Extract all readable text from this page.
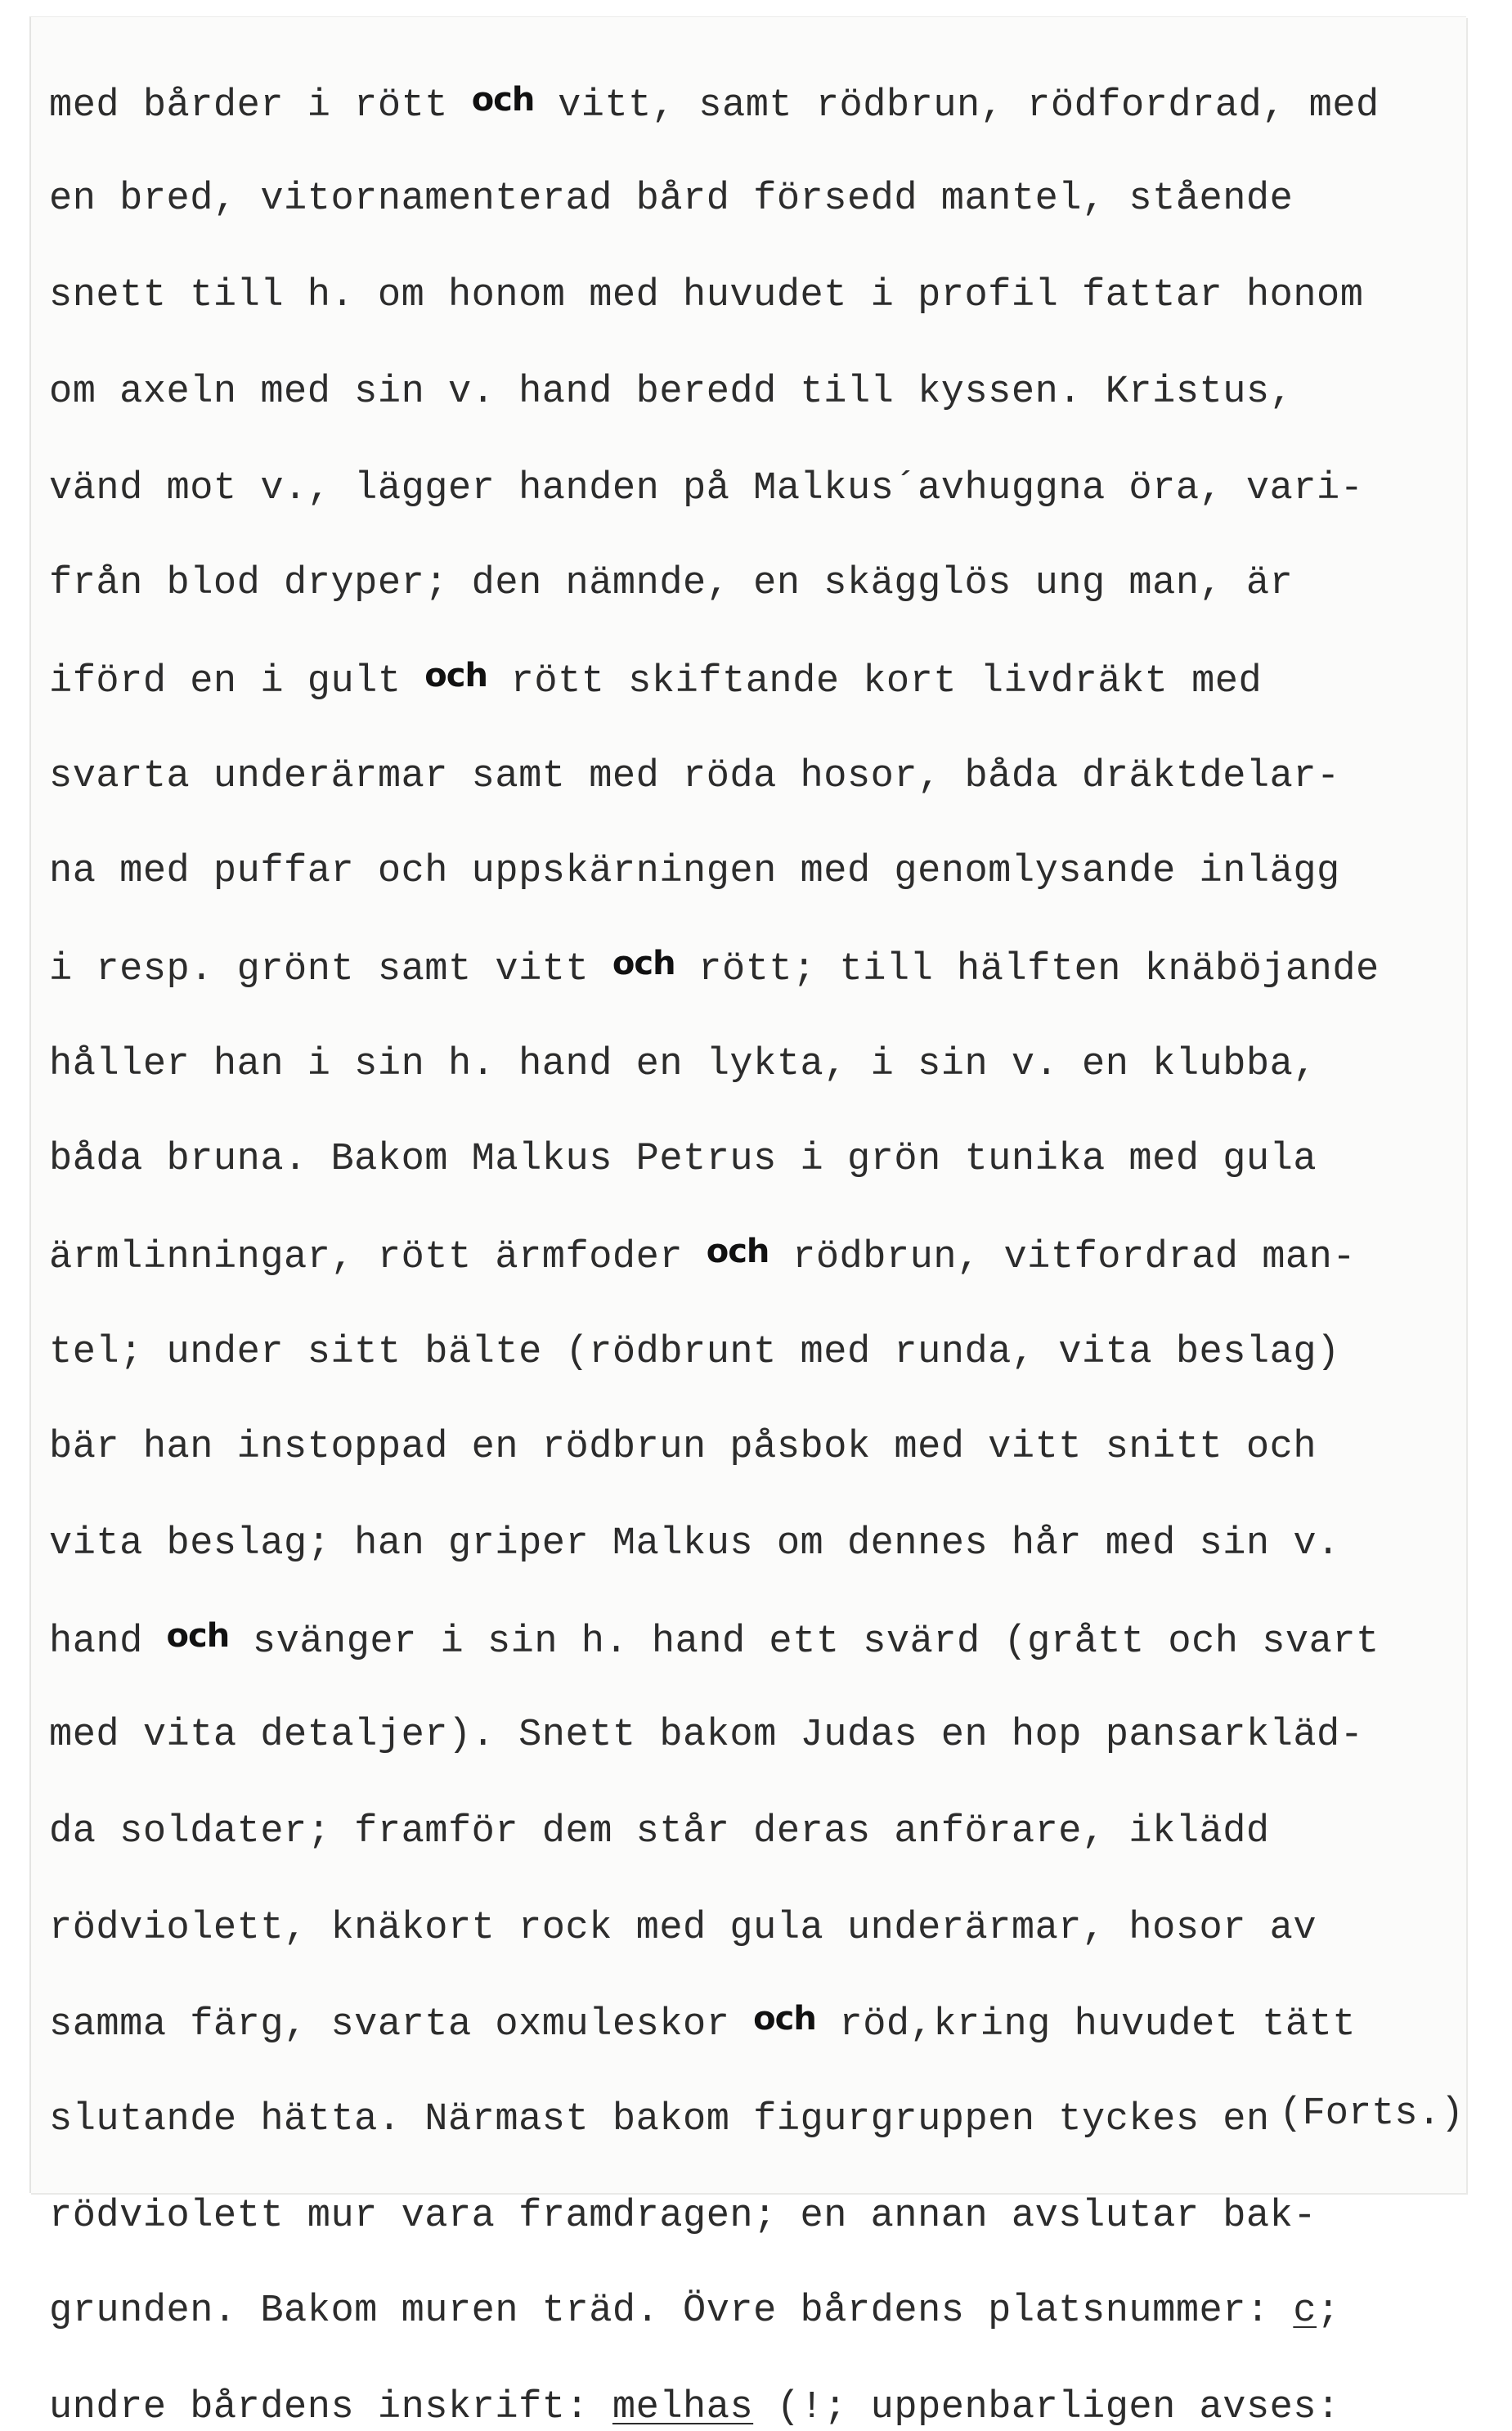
med bårder i rött och vitt, samt rödbrun, rödfordrad, med
en bred, vitornamenterad bård försedd mantel, stående
snett till h. om honom med huvudet i profil fattar honom
om axeln med sin v. hand beredd till kyssen. Kristus,
vänd mot v., lägger handen på Malkus´avhuggna öra, vari-
från blod dryper; den nämnde, en skägglös ung man, är
iförd en i gult och rött skiftande kort livdräkt med
svarta underärmar samt med röda hosor, båda dräktdelar-
na med puffar och uppskärningen med genomlysande inlägg
i resp. grönt samt vitt och rött; till hälften knäböjande
håller han i sin h. hand en lykta, i sin v. en klubba,
båda bruna. Bakom Malkus Petrus i grön tunika med gula
ärmlinningar, rött ärmfoder och rödbrun, vitfordrad man-
tel; under sitt bälte (rödbrunt med runda, vita beslag)
bär han instoppad en rödbrun påsbok med vitt snitt och
vita beslag; han griper Malkus om dennes hår med sin v.
hand och svänger i sin h. hand ett svärd (grått och svart
med vita detaljer). Snett bakom Judas en hop pansarkläd-
da soldater; framför dem står deras anförare, iklädd
rödviolett, knäkort rock med gula underärmar, hosor av
samma färg, svarta oxmuleskor och röd,kring huvudet tätt
slutande hätta. Närmast bakom figurgruppen tyckes en
rödviolett mur vara framdragen; en annan avslutar bak-
grunden. Bakom muren träd. Övre bårdens platsnummer: c;
undre bårdens inskrift: melhas (!; uppenbarligen avses:
(Forts.)
